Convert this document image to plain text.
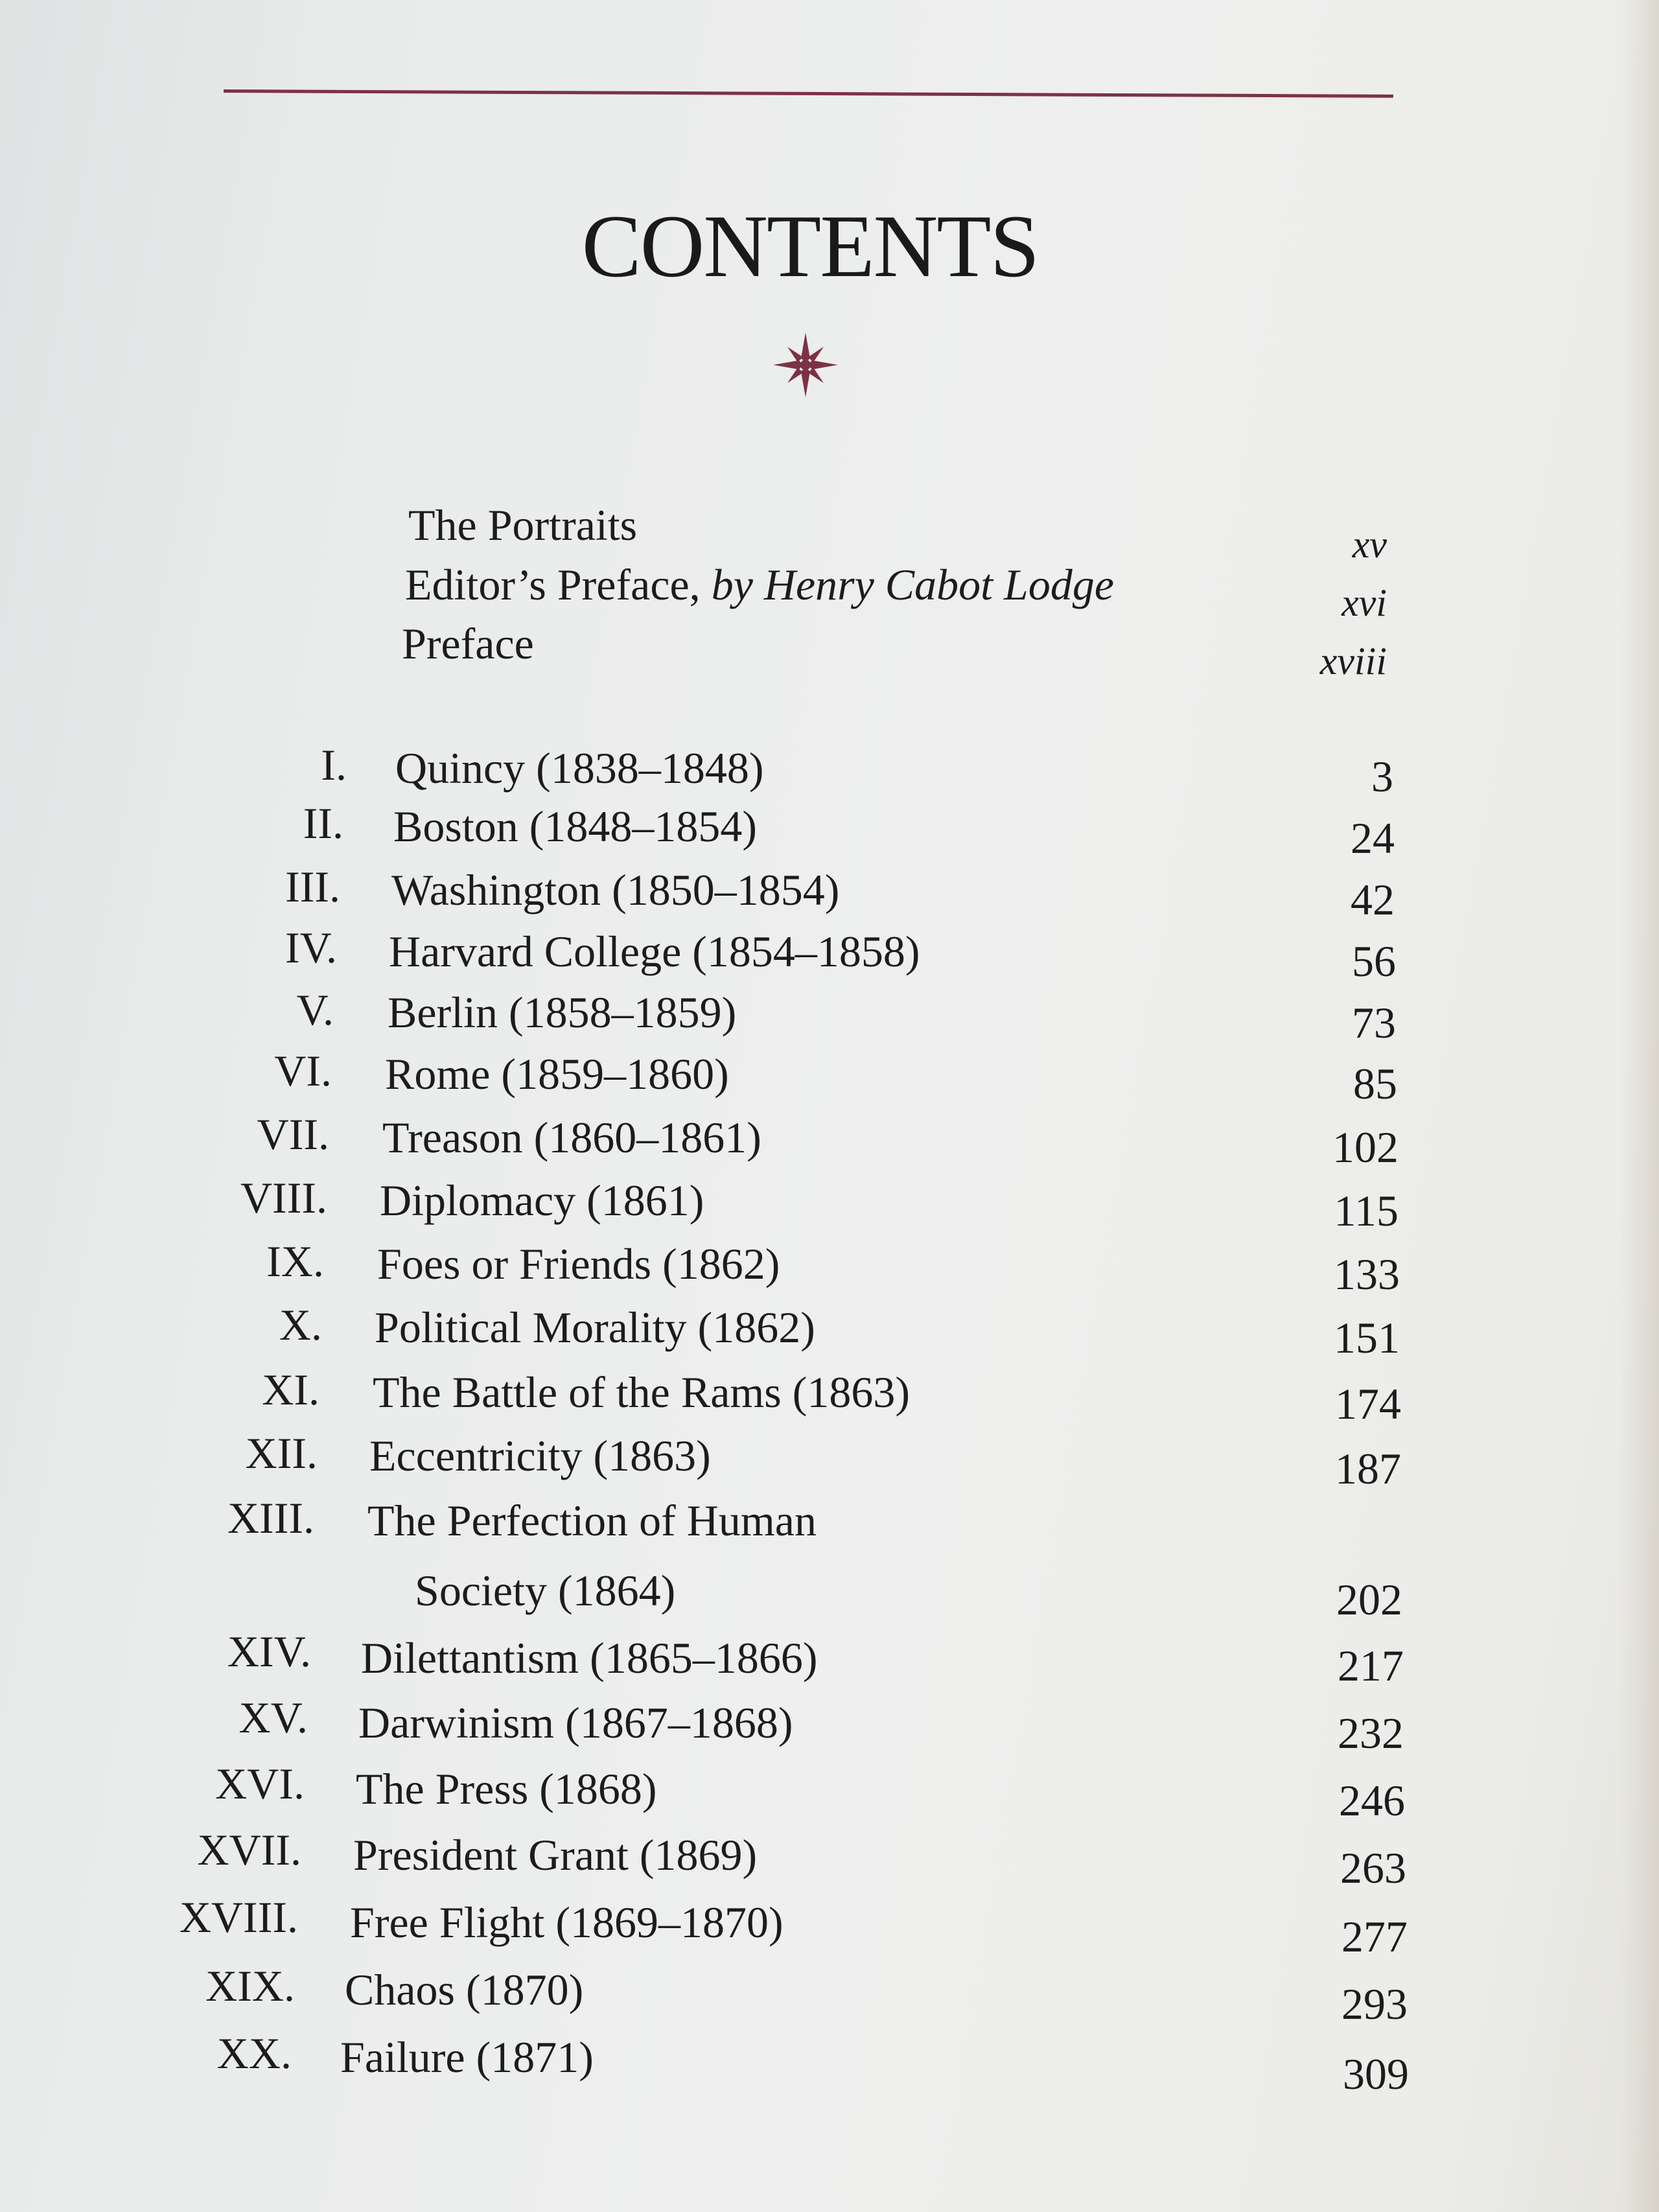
CONTENTS
The Portraits	xv
Editor’s Preface, by Henry Cabot Lodge	xvi
Preface	xviii
I. Quincy (1838–1848)	3
II. Boston (1848–1854)	24
III. Washington (1850–1854)	42
IV. Harvard College (1854–1858)	56
V. Berlin (1858–1859)	73
VI. Rome (1859–1860)	85
VII. Treason (1860–1861)	102
VIII. Diplomacy (1861)	115
IX. Foes or Friends (1862)	133
X. Political Morality (1862)	151
XI. The Battle of the Rams (1863)	174
XII. Eccentricity (1863)	187
XIII. The Perfection of Human
Society (1864)	202
XIV. Dilettantism (1865–1866)	217
XV. Darwinism (1867–1868)	232
XVI. The Press (1868)	246
XVII. President Grant (1869)	263
XVIII. Free Flight (1869–1870)	277
XIX. Chaos (1870)	293
XX. Failure (1871)	309
